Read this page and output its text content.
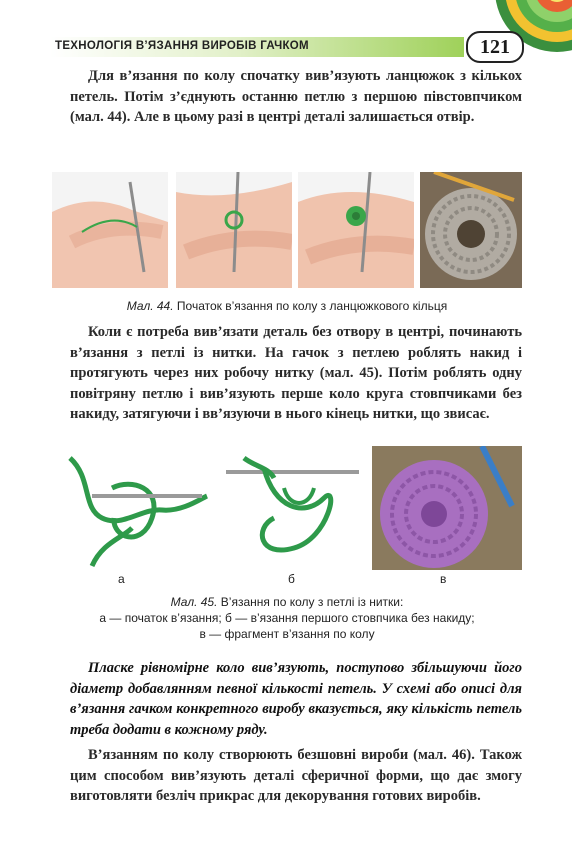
ТЕХНОЛОГІЯ В’ЯЗАННЯ ВИРОБІВ ГАЧКОМ	121

Для в’язання по колу спочатку вив’язують ланцюжок з кількох петель. Потім з’єднують останню петлю з першою півстовпчиком (мал. 44). Але в цьому разі в центрі деталі залишається отвір.

Мал. 44. Початок в’язання по колу з ланцюжкового кільця

Коли є потреба вив’язати деталь без отвору в центрі, починають в’язання з петлі із нитки. На гачок з петлею роблять накид і протягують через них робочу нитку (мал. 45). Потім роблять одну повітряну петлю і вив’язують перше коло круга стовпчиками без накиду, затягуючи і вв’язуючи в нього кінець нитки, що звисає.

а	б	в
Мал. 45. В’язання по колу з петлі із нитки:
а — початок в’язання; б — в’язання першого стовпчика без накиду;
в — фрагмент в’язання по колу

Пласке рівномірне коло вив’язують, поступово збільшуючи його діаметр добавлянням певної кількості петель. У схемі або описі для в’язання гачком конкретного виробу вказується, яку кількість петель треба додати в кожному ряду.

В’язанням по колу створюють безшовні вироби (мал. 46). Також цим способом вив’язують деталі сферичної форми, що дає змогу виготовляти безліч прикрас для декорування готових виробів.
